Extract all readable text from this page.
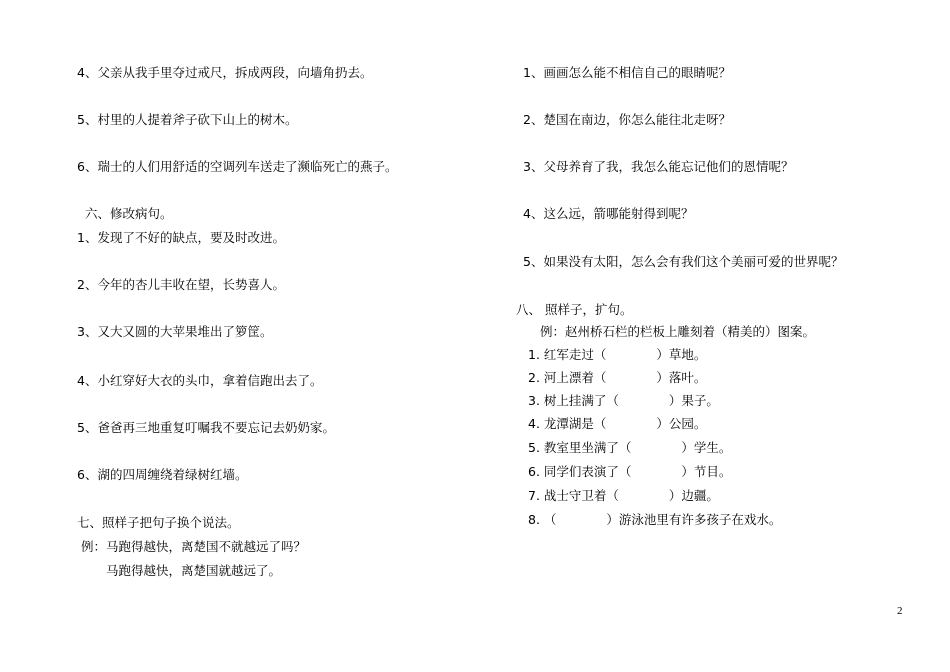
4、父亲从我手里夺过戒尺，拆成两段，向墙角扔去。
5、村里的人提着斧子砍下山上的树木。
6、瑞士的人们用舒适的空调列车送走了濒临死亡的燕子。
六、修改病句。
1、发现了不好的缺点，要及时改进。
2、今年的杏儿丰收在望，长势喜人。
3、又大又圆的大苹果堆出了箩筐。
4、小红穿好大衣的头巾，拿着信跑出去了。
5、爸爸再三地重复叮嘱我不要忘记去奶奶家。
6、湖的四周缠绕着绿树红墙。
七、照样子把句子换个说法。
例：马跑得越快，离楚国不就越远了吗？
马跑得越快，离楚国就越远了。
1、画画怎么能不相信自己的眼睛呢？
2、楚国在南边，你怎么能往北走呀？
3、父母养育了我，我怎么能忘记他们的恩情呢？
4、这么远，箭哪能射得到呢？
5、如果没有太阳，怎么会有我们这个美丽可爱的世界呢？
八、 照样子，扩句。
例：赵州桥石栏的栏板上雕刻着（精美的）图案。
1. 红军走过（　　　　）草地。
2. 河上漂着（　　　　）落叶。
3. 树上挂满了（　　　　）果子。
4. 龙潭湖是（　　　　）公园。
5. 教室里坐满了（　　　　）学生。
6. 同学们表演了（　　　　）节目。
7. 战士守卫着（　　　　）边疆。
8. （　　　　）游泳池里有许多孩子在戏水。
2
